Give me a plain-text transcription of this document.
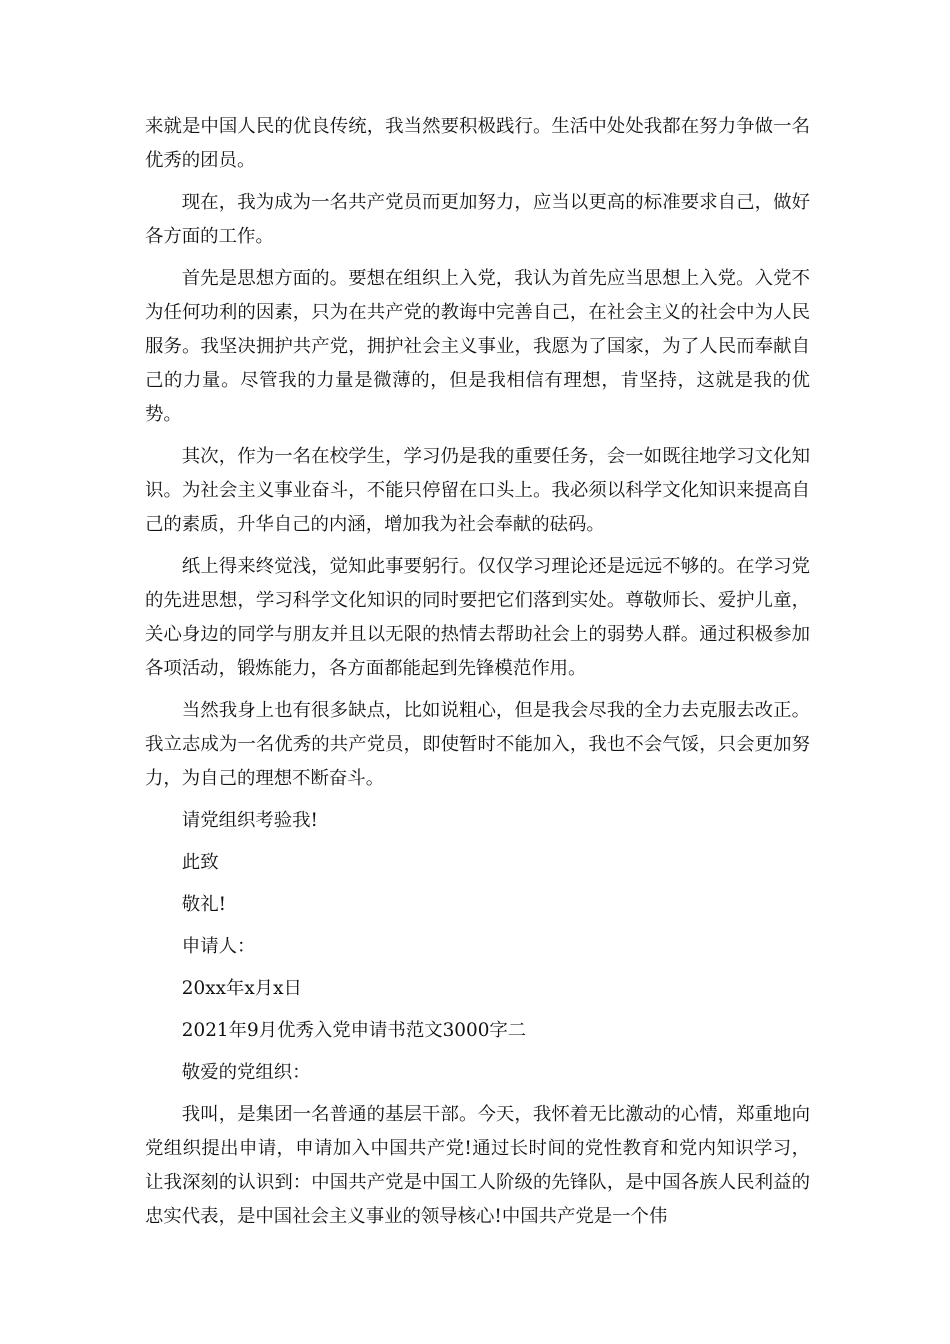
来就是中国人民的优良传统，我当然要积极践行。生活中处处我都在努力争做一名优秀的团员。

现在，我为成为一名共产党员而更加努力，应当以更高的标准要求自己，做好各方面的工作。

首先是思想方面的。要想在组织上入党，我认为首先应当思想上入党。入党不为任何功利的因素，只为在共产党的教诲中完善自己，在社会主义的社会中为人民服务。我坚决拥护共产党，拥护社会主义事业，我愿为了国家，为了人民而奉献自己的力量。尽管我的力量是微薄的，但是我相信有理想，肯坚持，这就是我的优势。

其次，作为一名在校学生，学习仍是我的重要任务，会一如既往地学习文化知识。为社会主义事业奋斗，不能只停留在口头上。我必须以科学文化知识来提高自己的素质，升华自己的内涵，增加我为社会奉献的砝码。

纸上得来终觉浅，觉知此事要躬行。仅仅学习理论还是远远不够的。在学习党的先进思想，学习科学文化知识的同时要把它们落到实处。尊敬师长、爱护儿童，关心身边的同学与朋友并且以无限的热情去帮助社会上的弱势人群。通过积极参加各项活动，锻炼能力，各方面都能起到先锋模范作用。

当然我身上也有很多缺点，比如说粗心，但是我会尽我的全力去克服去改正。我立志成为一名优秀的共产党员，即使暂时不能加入，我也不会气馁，只会更加努力，为自己的理想不断奋斗。

请党组织考验我!
此致
敬礼!
申请人：
20xx年x月x日
2021年9月优秀入党申请书范文3000字二
敬爱的党组织：

我叫，是集团一名普通的基层干部。今天，我怀着无比激动的心情，郑重地向党组织提出申请，申请加入中国共产党!通过长时间的党性教育和党内知识学习，让我深刻的认识到：中国共产党是中国工人阶级的先锋队，是中国各族人民利益的忠实代表，是中国社会主义事业的领导核心!中国共产党是一个伟
